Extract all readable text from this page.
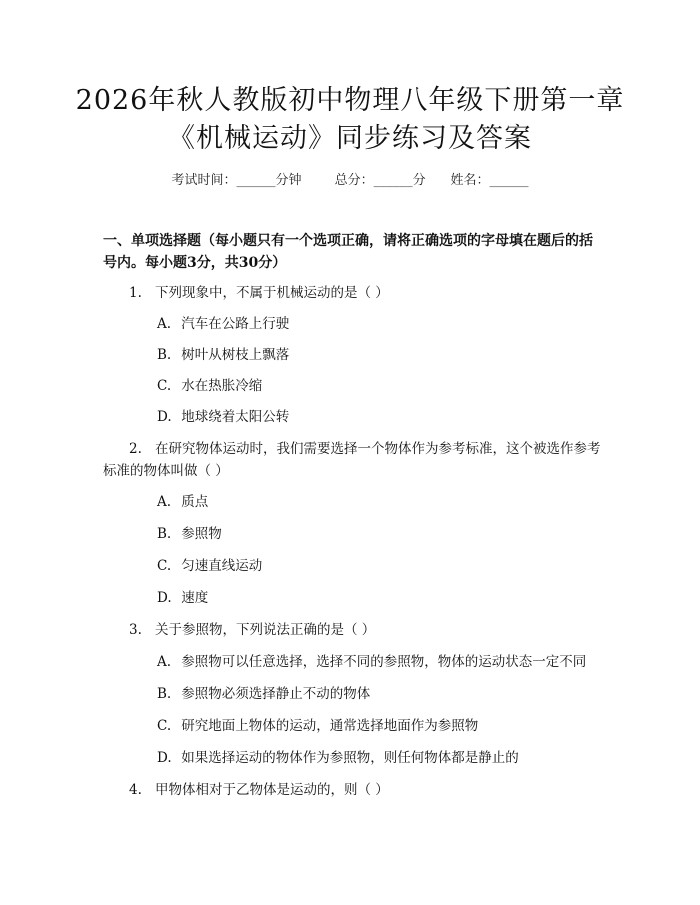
2026年秋人教版初中物理八年级下册第一章
《机械运动》同步练习及答案
考试时间：______分钟	总分：______分 姓名：______
一、单项选择题（每小题只有一个选项正确，请将正确选项的字母填在题后的括号内。每小题3分，共30分）
1. 下列现象中，不属于机械运动的是（ ）
A. 汽车在公路上行驶
B. 树叶从树枝上飘落
C. 水在热胀冷缩
D. 地球绕着太阳公转
2. 在研究物体运动时，我们需要选择一个物体作为参考标准，这个被选作参考标准的物体叫做（ ）
A. 质点
B. 参照物
C. 匀速直线运动
D. 速度
3. 关于参照物，下列说法正确的是（ ）
A. 参照物可以任意选择，选择不同的参照物，物体的运动状态一定不同
B. 参照物必须选择静止不动的物体
C. 研究地面上物体的运动，通常选择地面作为参照物
D. 如果选择运动的物体作为参照物，则任何物体都是静止的
4. 甲物体相对于乙物体是运动的，则（ ）
